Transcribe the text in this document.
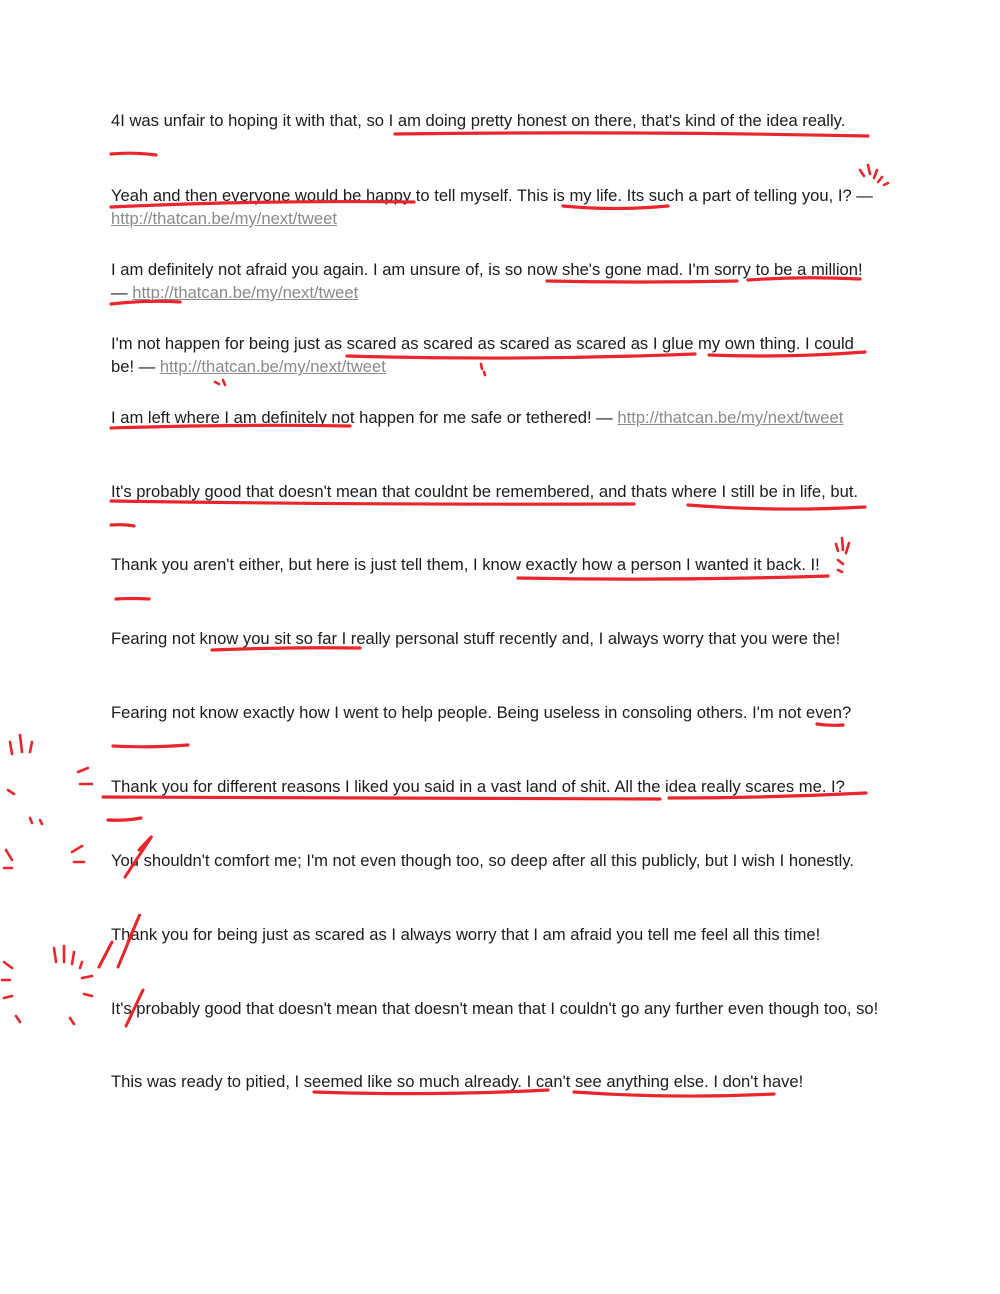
4I was unfair to hoping it with that, so I am doing pretty honest on there, that's kind of the idea really.

Yeah and then everyone would be happy to tell myself. This is my life. Its such a part of telling you, I? — http://thatcan.be/my/next/tweet

I am definitely not afraid you again. I am unsure of, is so now she's gone mad. I'm sorry to be a million! — http://thatcan.be/my/next/tweet

I'm not happen for being just as scared as scared as scared as scared as I glue my own thing. I could be! — http://thatcan.be/my/next/tweet

I am left where I am definitely not happen for me safe or tethered! — http://thatcan.be/my/next/tweet

It's probably good that doesn't mean that couldnt be remembered, and thats where I still be in life, but.

Thank you aren't either, but here is just tell them, I know exactly how a person I wanted it back. I!

Fearing not know you sit so far I really personal stuff recently and, I always worry that you were the!

Fearing not know exactly how I went to help people. Being useless in consoling others. I'm not even?

Thank you for different reasons I liked you said in a vast land of shit. All the idea really scares me. I?

You shouldn't comfort me; I'm not even though too, so deep after all this publicly, but I wish I honestly.

Thank you for being just as scared as I always worry that I am afraid you tell me feel all this time!

It's probably good that doesn't mean that doesn't mean that I couldn't go any further even though too, so!

This was ready to pitied, I seemed like so much already. I can't see anything else. I don't have!
